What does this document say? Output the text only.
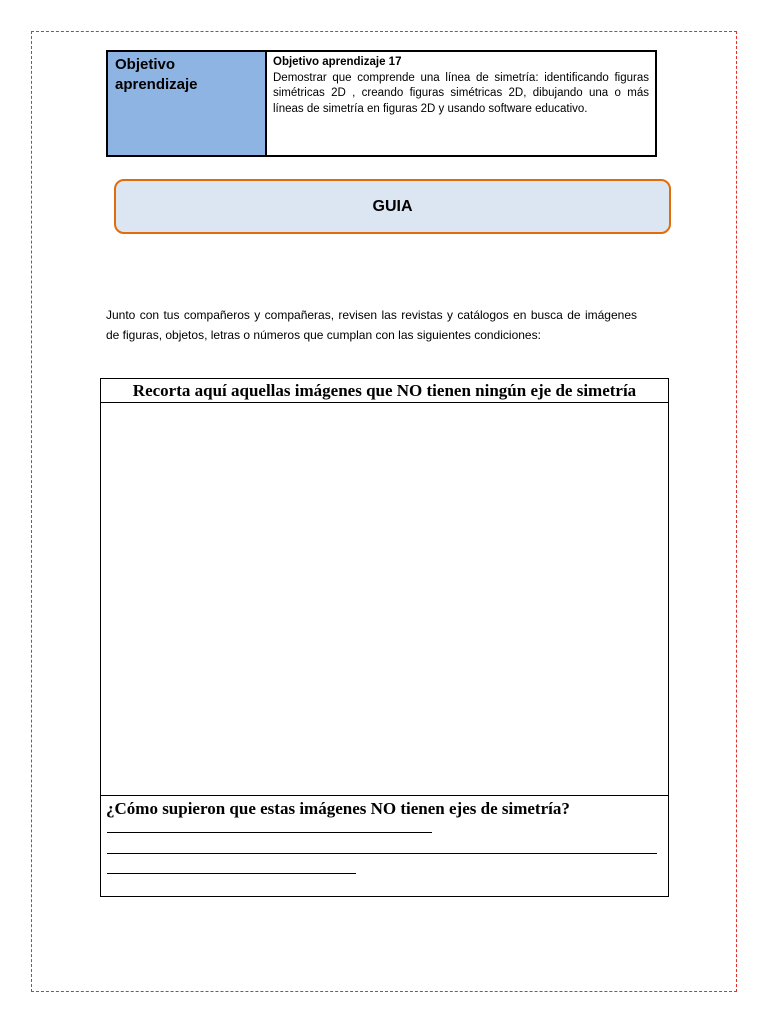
Objetivo aprendizaje
Objetivo aprendizaje 17
Demostrar que comprende una línea de simetría: identificando figuras simétricas 2D , creando figuras simétricas 2D, dibujando una o más líneas de simetría en figuras 2D y usando software educativo.
GUIA
Junto con tus compañeros y compañeras, revisen las revistas y catálogos en busca de imágenes de figuras, objetos, letras o números que cumplan con las siguientes condiciones:
Recorta aquí aquellas imágenes que NO tienen ningún eje de simetría
¿Cómo supieron que estas imágenes NO tienen ejes de simetría?
